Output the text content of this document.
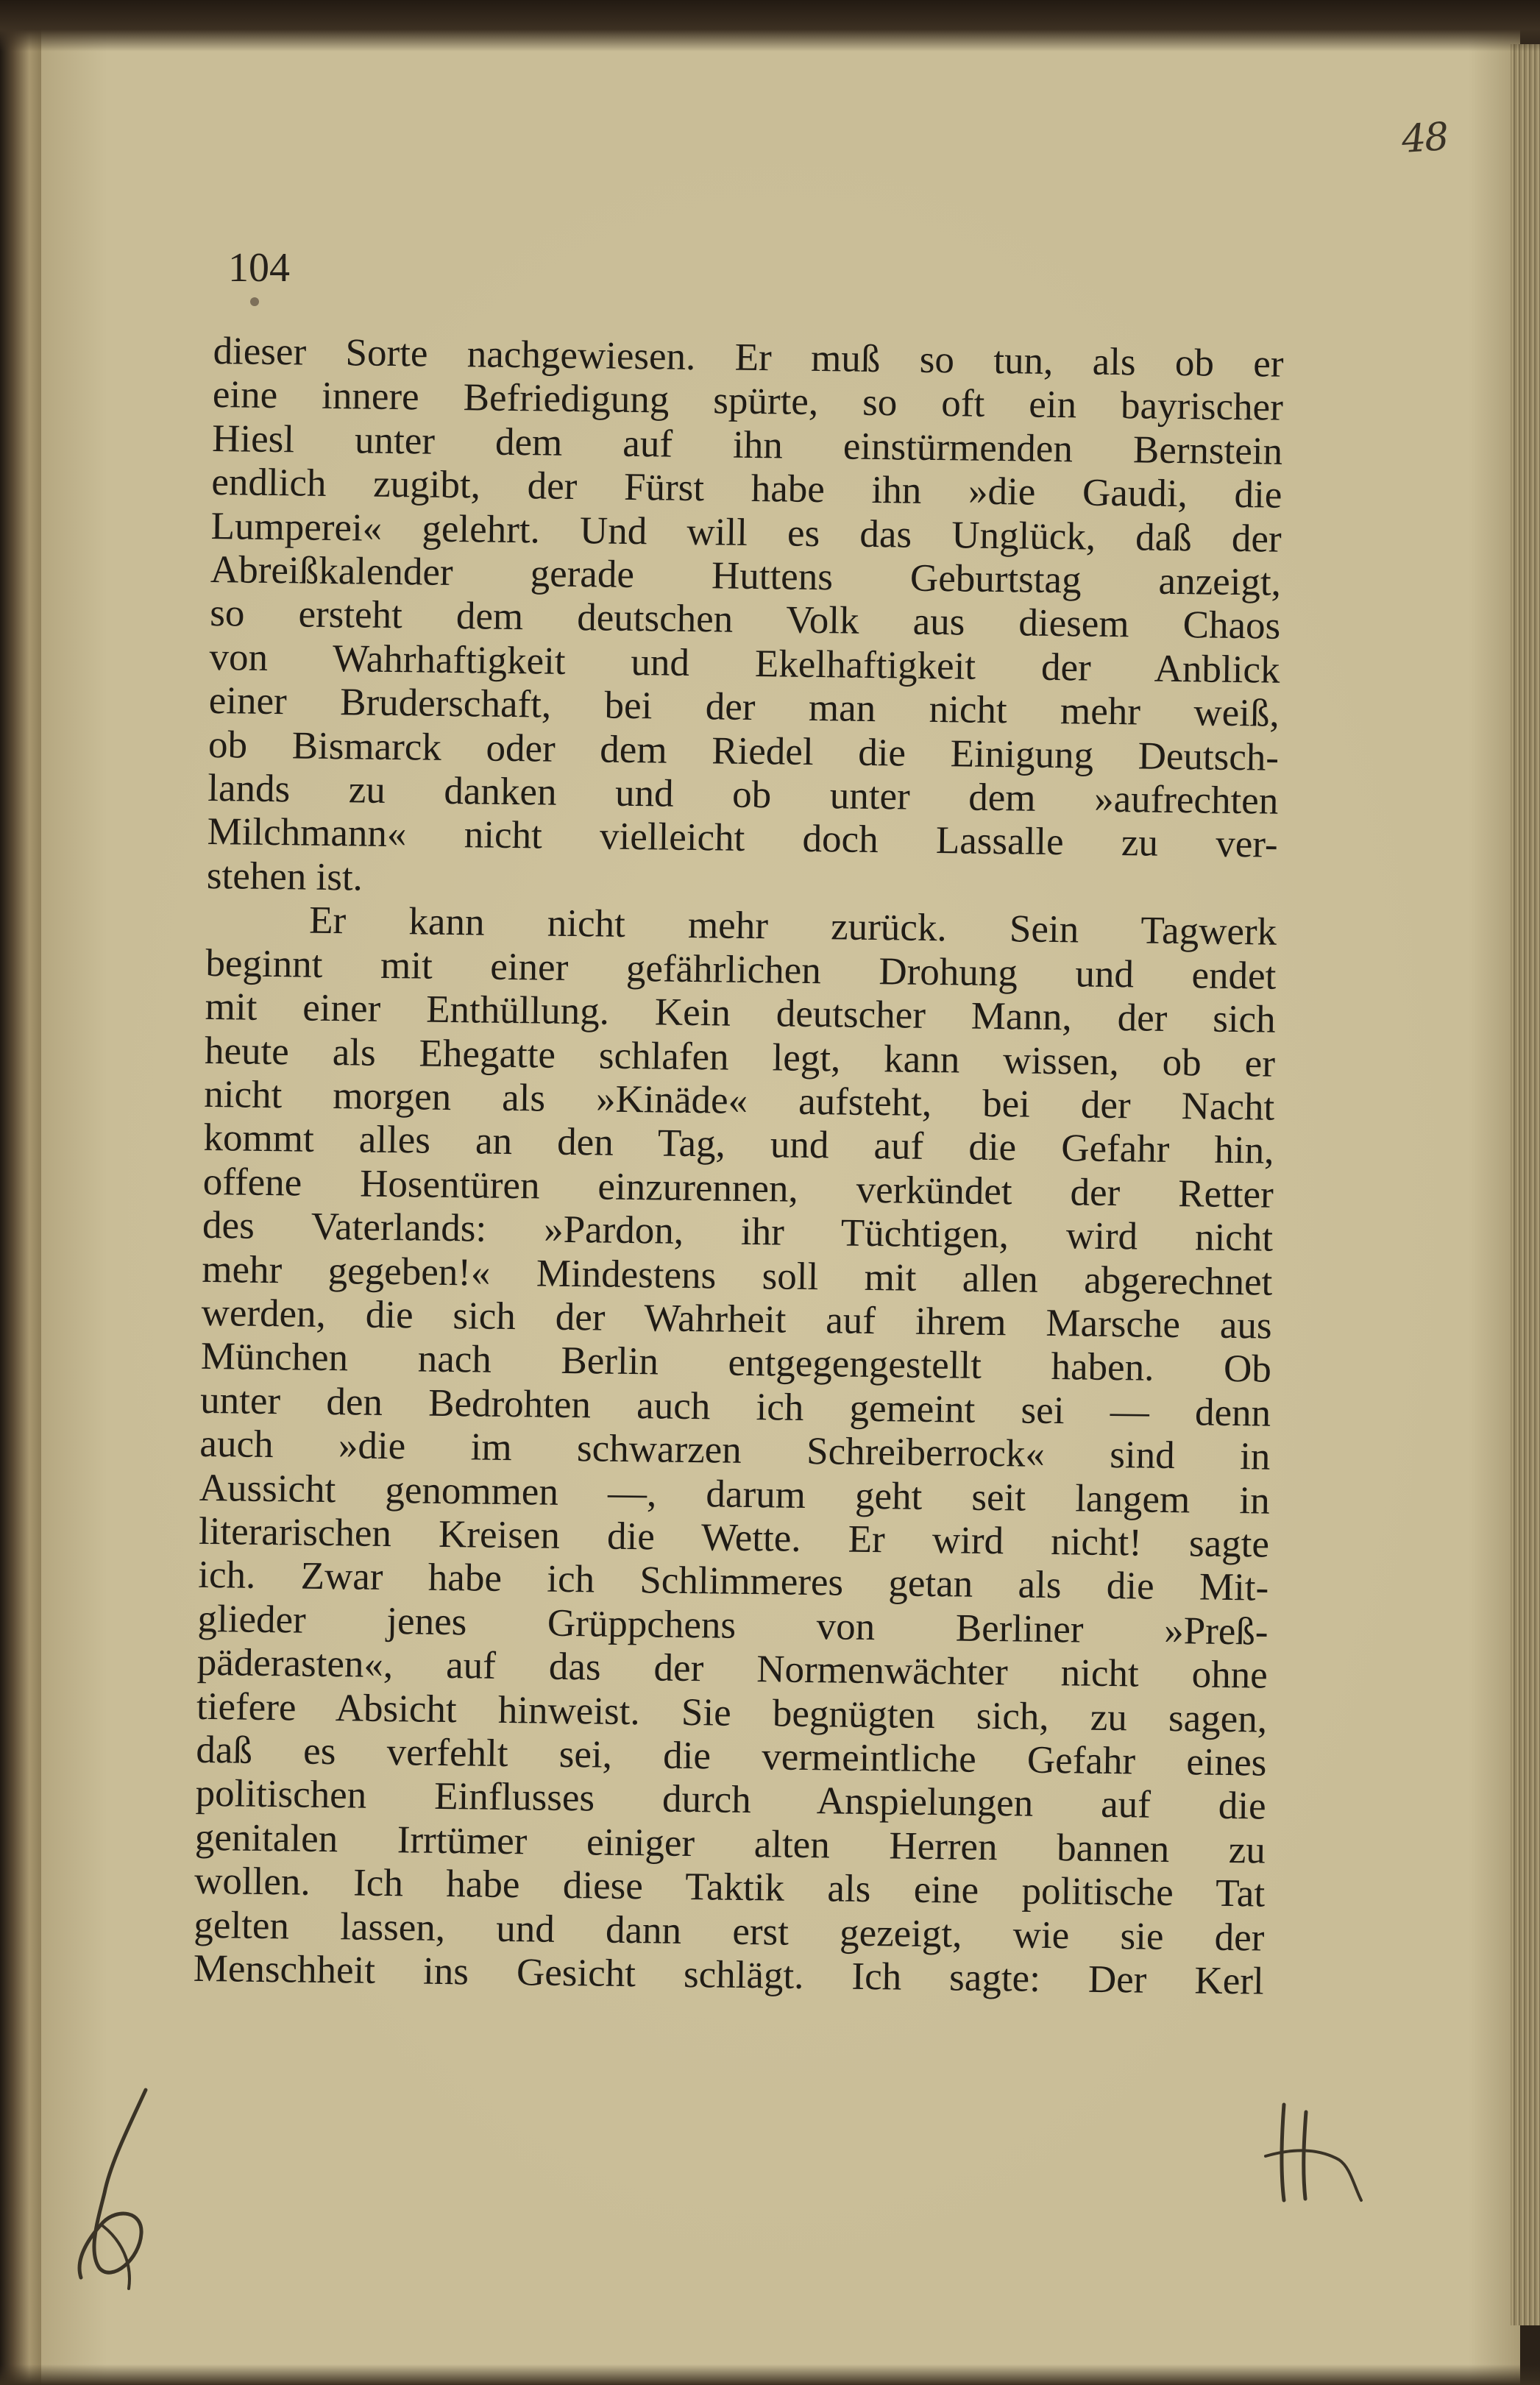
48
104
dieser Sorte nachgewiesen. Er muß so tun, als ob er
eine innere Befriedigung spürte, so oft ein bayrischer
Hiesl unter dem auf ihn einstürmenden Bernstein
endlich zugibt, der Fürst habe ihn »die Gaudi, die
Lumperei« gelehrt. Und will es das Unglück, daß der
Abreißkalender gerade Huttens Geburtstag anzeigt,
so ersteht dem deutschen Volk aus diesem Chaos
von Wahrhaftigkeit und Ekelhaftigkeit der Anblick
einer Bruderschaft, bei der man nicht mehr weiß,
ob Bismarck oder dem Riedel die Einigung Deutsch-
lands zu danken und ob unter dem »aufrechten
Milchmann« nicht vielleicht doch Lassalle zu ver-
stehen ist.
Er kann nicht mehr zurück. Sein Tagwerk
beginnt mit einer gefährlichen Drohung und endet
mit einer Enthüllung. Kein deutscher Mann, der sich
heute als Ehegatte schlafen legt, kann wissen, ob er
nicht morgen als »Kinäde« aufsteht, bei der Nacht
kommt alles an den Tag, und auf die Gefahr hin,
offene Hosentüren einzurennen, verkündet der Retter
des Vaterlands: »Pardon, ihr Tüchtigen, wird nicht
mehr gegeben!« Mindestens soll mit allen abgerechnet
werden, die sich der Wahrheit auf ihrem Marsche aus
München nach Berlin entgegengestellt haben. Ob
unter den Bedrohten auch ich gemeint sei — denn
auch »die im schwarzen Schreiberrock« sind in
Aussicht genommen —, darum geht seit langem in
literarischen Kreisen die Wette. Er wird nicht! sagte
ich. Zwar habe ich Schlimmeres getan als die Mit-
glieder jenes Grüppchens von Berliner »Preß-
päderasten«, auf das der Normenwächter nicht ohne
tiefere Absicht hinweist. Sie begnügten sich, zu sagen,
daß es verfehlt sei, die vermeintliche Gefahr eines
politischen Einflusses durch Anspielungen auf die
genitalen Irrtümer einiger alten Herren bannen zu
wollen. Ich habe diese Taktik als eine politische Tat
gelten lassen, und dann erst gezeigt, wie sie der
Menschheit ins Gesicht schlägt. Ich sagte: Der Kerl
